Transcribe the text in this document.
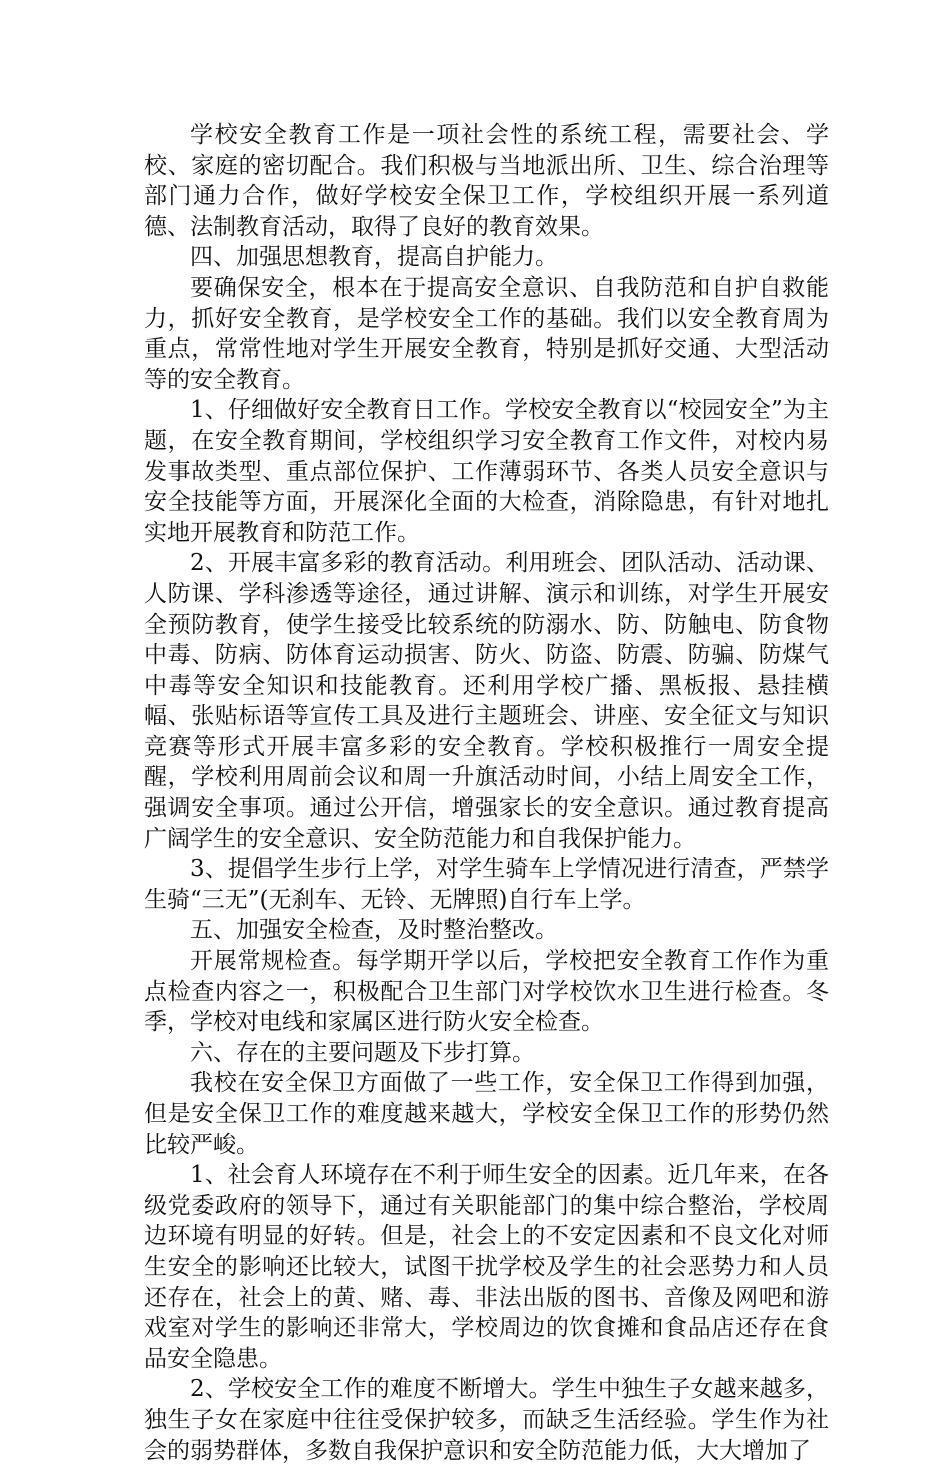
学校安全教育工作是一项社会性的系统工程，需要社会、学校、家庭的密切配合。我们积极与当地派出所、卫生、综合治理等部门通力合作，做好学校安全保卫工作，学校组织开展一系列道德、法制教育活动，取得了良好的教育效果。

四、加强思想教育，提高自护能力。

要确保安全，根本在于提高安全意识、自我防范和自护自救能力，抓好安全教育，是学校安全工作的基础。我们以安全教育周为重点，常常性地对学生开展安全教育，特别是抓好交通、大型活动等的安全教育。

1、仔细做好安全教育日工作。学校安全教育以“校园安全”为主题，在安全教育期间，学校组织学习安全教育工作文件，对校内易发事故类型、重点部位保护、工作薄弱环节、各类人员安全意识与安全技能等方面，开展深化全面的大检查，消除隐患，有针对地扎实地开展教育和防范工作。

2、开展丰富多彩的教育活动。利用班会、团队活动、活动课、人防课、学科渗透等途径，通过讲解、演示和训练，对学生开展安全预防教育，使学生接受比较系统的防溺水、防、防触电、防食物中毒、防病、防体育运动损害、防火、防盗、防震、防骗、防煤气中毒等安全知识和技能教育。还利用学校广播、黑板报、悬挂横幅、张贴标语等宣传工具及进行主题班会、讲座、安全征文与知识竞赛等形式开展丰富多彩的安全教育。学校积极推行一周安全提醒，学校利用周前会议和周一升旗活动时间，小结上周安全工作，强调安全事项。通过公开信，增强家长的安全意识。通过教育提高广阔学生的安全意识、安全防范能力和自我保护能力。

3、提倡学生步行上学，对学生骑车上学情况进行清查，严禁学生骑“三无”(无刹车、无铃、无牌照)自行车上学。

五、加强安全检查，及时整治整改。

开展常规检查。每学期开学以后，学校把安全教育工作作为重点检查内容之一，积极配合卫生部门对学校饮水卫生进行检查。冬季，学校对电线和家属区进行防火安全检查。

六、存在的主要问题及下步打算。

我校在安全保卫方面做了一些工作，安全保卫工作得到加强，但是安全保卫工作的难度越来越大，学校安全保卫工作的形势仍然比较严峻。

1、社会育人环境存在不利于师生安全的因素。近几年来，在各级党委政府的领导下，通过有关职能部门的集中综合整治，学校周边环境有明显的好转。但是，社会上的不安定因素和不良文化对师生安全的影响还比较大，试图干扰学校及学生的社会恶势力和人员还存在，社会上的黄、赌、毒、非法出版的图书、音像及网吧和游戏室对学生的影响还非常大，学校周边的饮食摊和食品店还存在食品安全隐患。

2、学校安全工作的难度不断增大。学生中独生子女越来越多，独生子女在家庭中往往受保护较多，而缺乏生活经验。学生作为社会的弱势群体，多数自我保护意识和安全防范能力低，大大增加了
